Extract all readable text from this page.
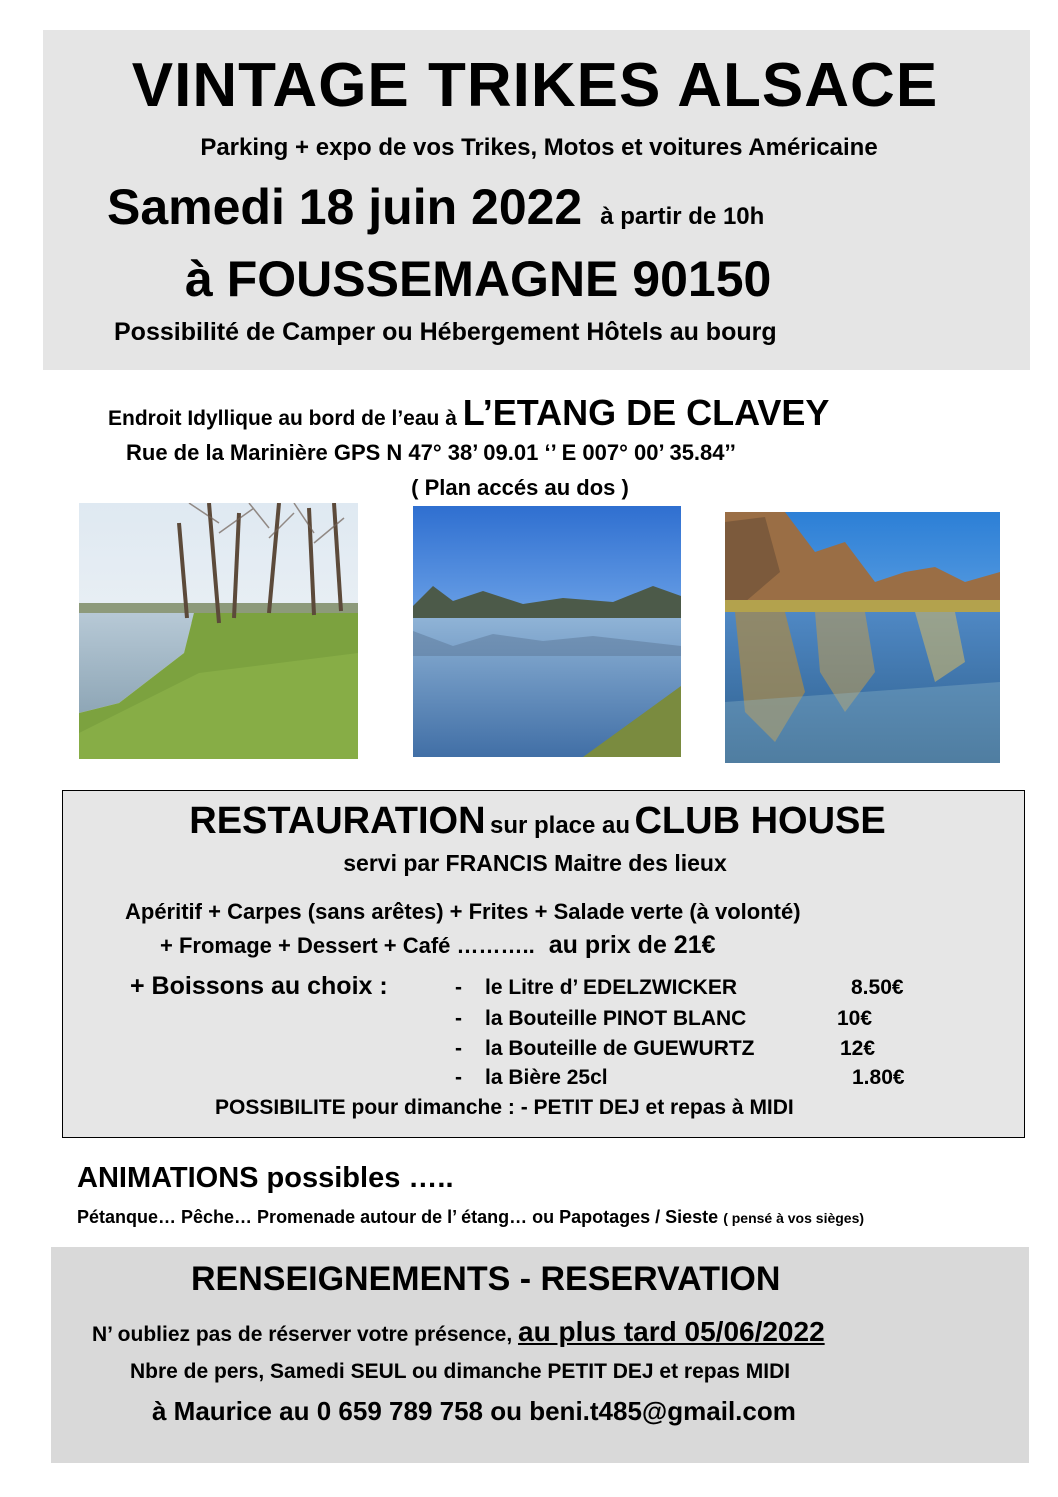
VINTAGE TRIKES ALSACE
Parking + expo de vos Trikes, Motos et voitures Américaine
Samedi 18 juin 2022 à partir de 10h
à FOUSSEMAGNE 90150
Possibilité de Camper ou Hébergement Hôtels au bourg
Endroit Idyllique au bord de l’eau à L’ETANG DE CLAVEY
Rue de la Marinière GPS N 47° 38’ 09.01 ‘’ E 007° 00’ 35.84’’
( Plan accés au dos )
RESTAURATION sur place au CLUB HOUSE
servi par FRANCIS Maitre des lieux
Apéritif + Carpes (sans arêtes) + Frites + Salade verte (à volonté)
+ Fromage + Dessert + Café ……….. au prix de 21€
+ Boissons au choix :	- le Litre d’ EDELZWICKER	8.50€
- la Bouteille PINOT BLANC	10€
- la Bouteille de GUEWURTZ	12€
- la Bière 25cl	1.80€
POSSIBILITE pour dimanche : - PETIT DEJ et repas à MIDI
ANIMATIONS possibles …..
Pétanque… Pêche… Promenade autour de l’ étang… ou Papotages / Sieste ( pensé à vos sièges)
RENSEIGNEMENTS - RESERVATION
N’ oubliez pas de réserver votre présence, au plus tard 05/06/2022
Nbre de pers, Samedi SEUL ou dimanche PETIT DEJ et repas MIDI
à Maurice au 0 659 789 758 ou beni.t485@gmail.com
